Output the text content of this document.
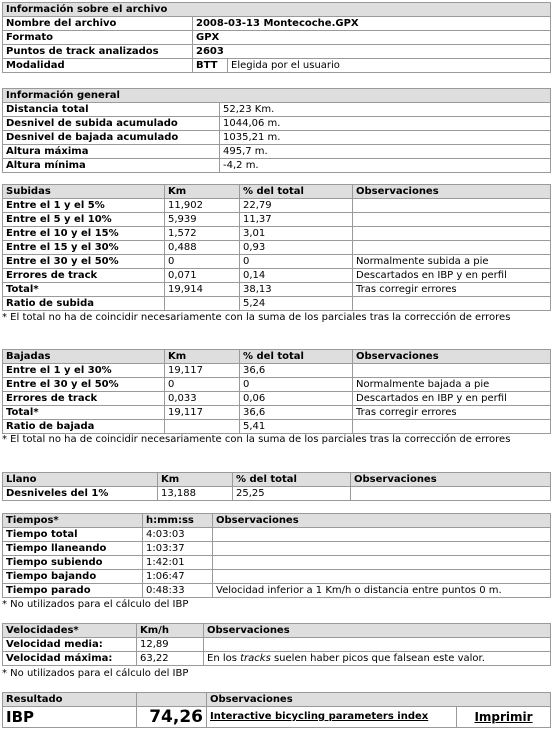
Información sobre el archivo		
Nombre del archivo	2008-03-13 Montecoche.GPX	
Formato	GPX	
Puntos de track analizados	2603	
Modalidad	BTT	Elegida por el usuario
Información general	
Distancia total	52,23 Km.
Desnivel de subida acumulado	1044,06 m.
Desnivel de bajada acumulado	1035,21 m.
Altura máxima	495,7 m.
Altura mínima	-4,2 m.
Subidas	Km	% del total	Observaciones
Entre el 1 y el 5%	11,902	22,79	
Entre el 5 y el 10%	5,939	11,37	
Entre el 10 y el 15%	1,572	3,01	
Entre el 15 y el 30%	0,488	0,93	
Entre el 30 y el 50%	0	0	Normalmente subida a pie
Errores de track	0,071	0,14	Descartados en IBP y en perfil
Total*	19,914	38,13	Tras corregir errores
Ratio de subida		5,24	
* El total no ha de coincidir necesariamente con la suma de los parciales tras la corrección de errores
Bajadas	Km	% del total	Observaciones
Entre el 1 y el 30%	19,117	36,6	
Entre el 30 y el 50%	0	0	Normalmente bajada a pie
Errores de track	0,033	0,06	Descartados en IBP y en perfil
Total*	19,117	36,6	Tras corregir errores
Ratio de bajada		5,41	
* El total no ha de coincidir necesariamente con la suma de los parciales tras la corrección de errores
Llano	Km	% del total	Observaciones
Desniveles del 1%	13,188	25,25	
Tiempos*	h:mm:ss	Observaciones
Tiempo total	4:03:03	
Tiempo llaneando	1:03:37	
Tiempo subiendo	1:42:01	
Tiempo bajando	1:06:47	
Tiempo parado	0:48:33	Velocidad inferior a 1 Km/h o distancia entre puntos 0 m.
* No utilizados para el cálculo del IBP
Velocidades*	Km/h	Observaciones
Velocidad media:	12,89	
Velocidad máxima:	63,22	En los tracks suelen haber picos que falsean este valor.
* No utilizados para el cálculo del IBP
Resultado		Observaciones	
IBP	74,26	Interactive bicycling parameters index	Imprimir
